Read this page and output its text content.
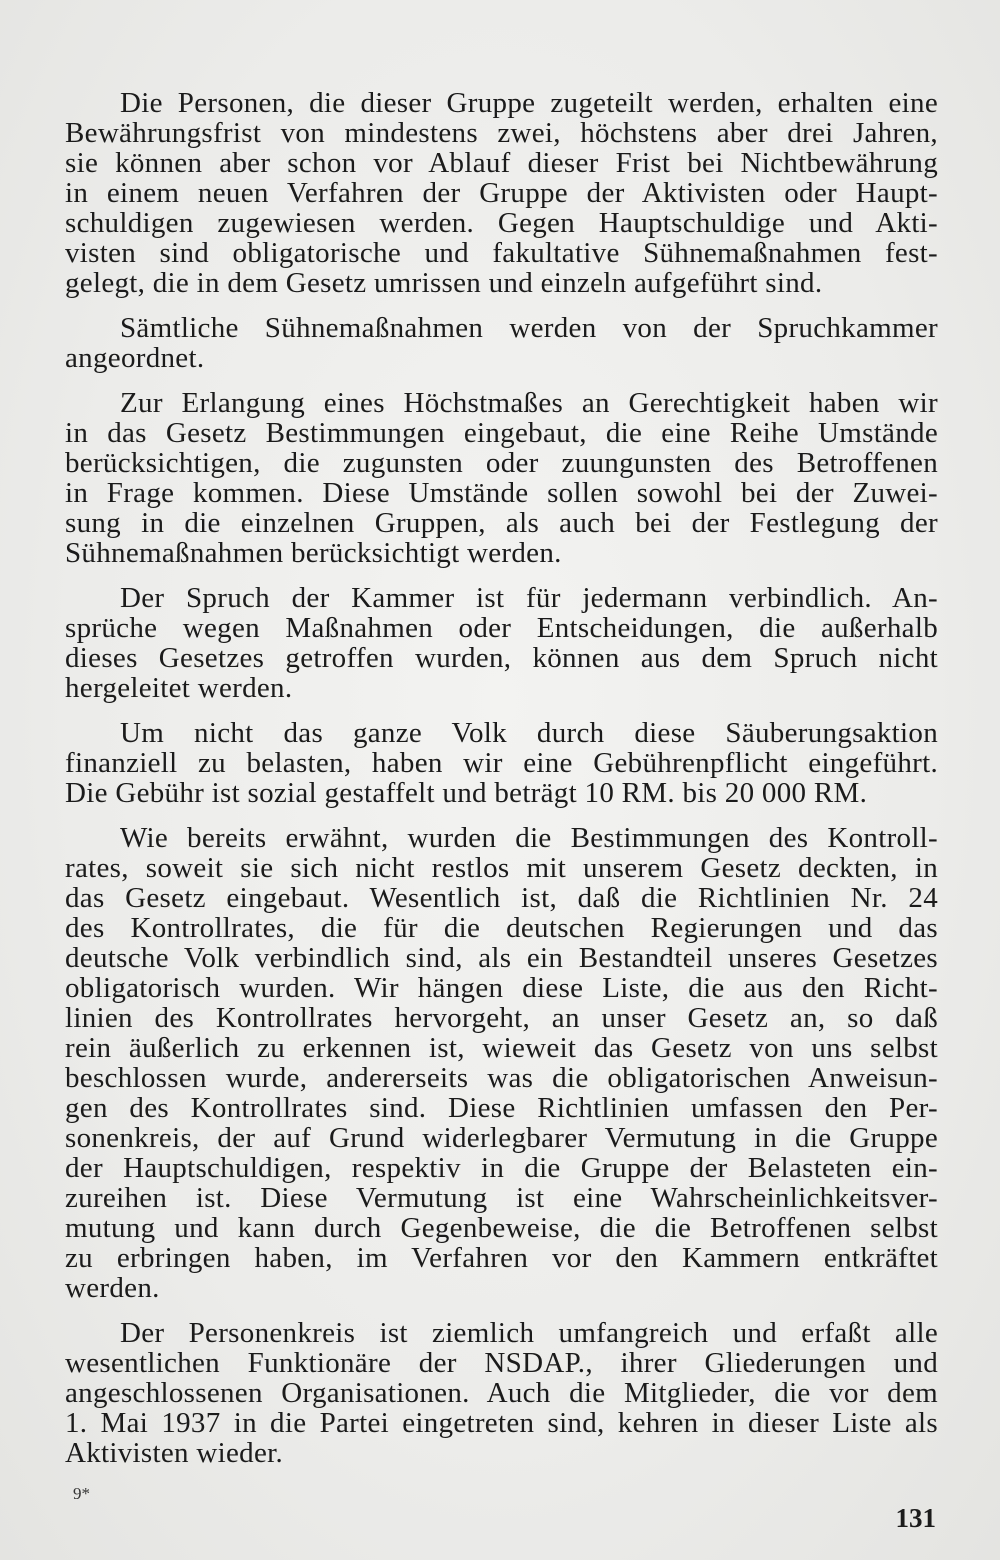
Die Personen, die dieser Gruppe zugeteilt werden, erhalten eine
Bewährungsfrist von mindestens zwei, höchstens aber drei Jahren,
sie können aber schon vor Ablauf dieser Frist bei Nichtbewährung
in einem neuen Verfahren der Gruppe der Aktivisten oder Haupt-
schuldigen zugewiesen werden. Gegen Hauptschuldige und Akti-
visten sind obligatorische und fakultative Sühnemaßnahmen fest-
gelegt, die in dem Gesetz umrissen und einzeln aufgeführt sind.
Sämtliche Sühnemaßnahmen werden von der Spruchkammer
angeordnet.
Zur Erlangung eines Höchstmaßes an Gerechtigkeit haben wir
in das Gesetz Bestimmungen eingebaut, die eine Reihe Umstände
berücksichtigen, die zugunsten oder zuungunsten des Betroffenen
in Frage kommen. Diese Umstände sollen sowohl bei der Zuwei-
sung in die einzelnen Gruppen, als auch bei der Festlegung der
Sühnemaßnahmen berücksichtigt werden.
Der Spruch der Kammer ist für jedermann verbindlich. An-
sprüche wegen Maßnahmen oder Entscheidungen, die außerhalb
dieses Gesetzes getroffen wurden, können aus dem Spruch nicht
hergeleitet werden.
Um nicht das ganze Volk durch diese Säuberungsaktion
finanziell zu belasten, haben wir eine Gebührenpflicht eingeführt.
Die Gebühr ist sozial gestaffelt und beträgt 10 RM. bis 20 000 RM.
Wie bereits erwähnt, wurden die Bestimmungen des Kontroll-
rates, soweit sie sich nicht restlos mit unserem Gesetz deckten, in
das Gesetz eingebaut. Wesentlich ist, daß die Richtlinien Nr. 24
des Kontrollrates, die für die deutschen Regierungen und das
deutsche Volk verbindlich sind, als ein Bestandteil unseres Gesetzes
obligatorisch wurden. Wir hängen diese Liste, die aus den Richt-
linien des Kontrollrates hervorgeht, an unser Gesetz an, so daß
rein äußerlich zu erkennen ist, wieweit das Gesetz von uns selbst
beschlossen wurde, andererseits was die obligatorischen Anweisun-
gen des Kontrollrates sind. Diese Richtlinien umfassen den Per-
sonenkreis, der auf Grund widerlegbarer Vermutung in die Gruppe
der Hauptschuldigen, respektiv in die Gruppe der Belasteten ein-
zureihen ist. Diese Vermutung ist eine Wahrscheinlichkeitsver-
mutung und kann durch Gegenbeweise, die die Betroffenen selbst
zu erbringen haben, im Verfahren vor den Kammern entkräftet
werden.
Der Personenkreis ist ziemlich umfangreich und erfaßt alle
wesentlichen Funktionäre der NSDAP., ihrer Gliederungen und
angeschlossenen Organisationen. Auch die Mitglieder, die vor dem
1. Mai 1937 in die Partei eingetreten sind, kehren in dieser Liste als
Aktivisten wieder.
9*
131
